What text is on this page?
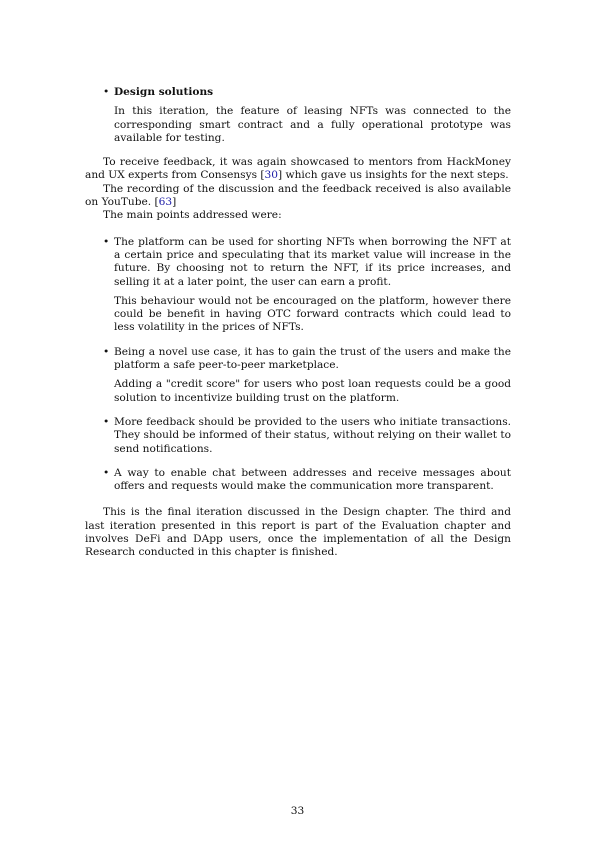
• Design solutions
In this iteration, the feature of leasing NFTs was connected to the corresponding smart contract and a fully operational prototype was available for testing.
To receive feedback, it was again showcased to mentors from HackMoney and UX experts from Consensys [30] which gave us insights for the next steps.
The recording of the discussion and the feedback received is also available on YouTube. [63]
The main points addressed were:
• The platform can be used for shorting NFTs when borrowing the NFT at a certain price and speculating that its market value will increase in the future. By choosing not to return the NFT, if its price increases, and selling it at a later point, the user can earn a profit.
This behaviour would not be encouraged on the platform, however there could be benefit in having OTC forward contracts which could lead to less volatility in the prices of NFTs.
• Being a novel use case, it has to gain the trust of the users and make the platform a safe peer-to-peer marketplace.
Adding a "credit score" for users who post loan requests could be a good solution to incentivize building trust on the platform.
• More feedback should be provided to the users who initiate transactions. They should be informed of their status, without relying on their wallet to send notifications.
• A way to enable chat between addresses and receive messages about offers and requests would make the communication more transparent.
This is the final iteration discussed in the Design chapter. The third and last iteration presented in this report is part of the Evaluation chapter and involves DeFi and DApp users, once the implementation of all the Design Research conducted in this chapter is finished.
33
